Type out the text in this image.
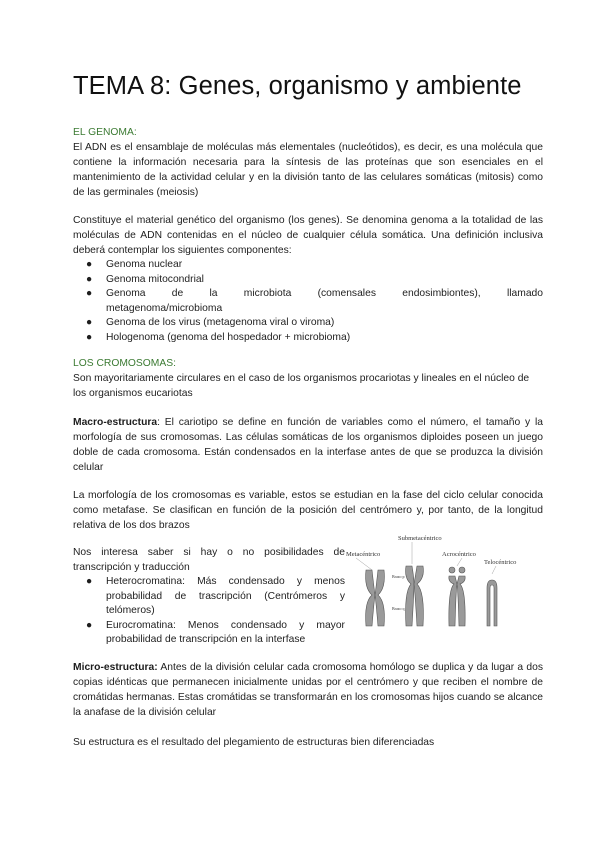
TEMA 8: Genes, organismo y ambiente
EL GENOMA:

El ADN es el ensamblaje de moléculas más elementales (nucleótidos), es decir, es una molécula que contiene la información necesaria para la síntesis de las proteínas que son esenciales en el mantenimiento de la actividad celular y en la división tanto de las celulares somáticas (mitosis) como de las germinales (meiosis)

Constituye el material genético del organismo (los genes). Se denomina genoma a la totalidad de las moléculas de ADN contenidas en el núcleo de cualquier célula somática. Una definición inclusiva deberá contemplar los siguientes componentes:

● Genoma nuclear
● Genoma mitocondrial
● Genoma de la microbiota (comensales endosimbiontes), llamado
metagenoma/microbioma
● Genoma de los virus (metagenoma viral o viroma)
● Hologenoma (genoma del hospedador + microbioma)
LOS CROMOSOMAS:

Son mayoritariamente circulares en el caso de los organismos procariotas y lineales en el núcleo de los organismos eucariotas

Macro-estructura: El cariotipo se define en función de variables como el número, el tamaño y la morfología de sus cromosomas. Las células somáticas de los organismos diploides poseen un juego doble de cada cromosoma. Están condensados en la interfase antes de que se produzca la división celular

La morfología de los cromosomas es variable, estos se estudian en la fase del ciclo celular conocida como metafase. Se clasifican en función de la posición del centrómero y, por tanto, de la longitud relativa de los dos brazos

Nos interesa saber si hay o no posibilidades de transcripción y traducción

● Heterocromatina: Más condensado y menos probabilidad de trascripción (Centrómeros y telómeros)
● Eurocromatina: Menos condensado y mayor probabilidad de transcripción en la interfase
Submetacéntrico
Metacéntrico	Acrocéntrico
Telocéntrico
Brazo p
Brazo q

Micro-estructura: Antes de la división celular cada cromosoma homólogo se duplica y da lugar a dos copias idénticas que permanecen inicialmente unidas por el centrómero y que reciben el nombre de cromátidas hermanas. Estas cromátidas se transformarán en los cromosomas hijos cuando se alcance la anafase de la división celular

Su estructura es el resultado del plegamiento de estructuras bien diferenciadas
